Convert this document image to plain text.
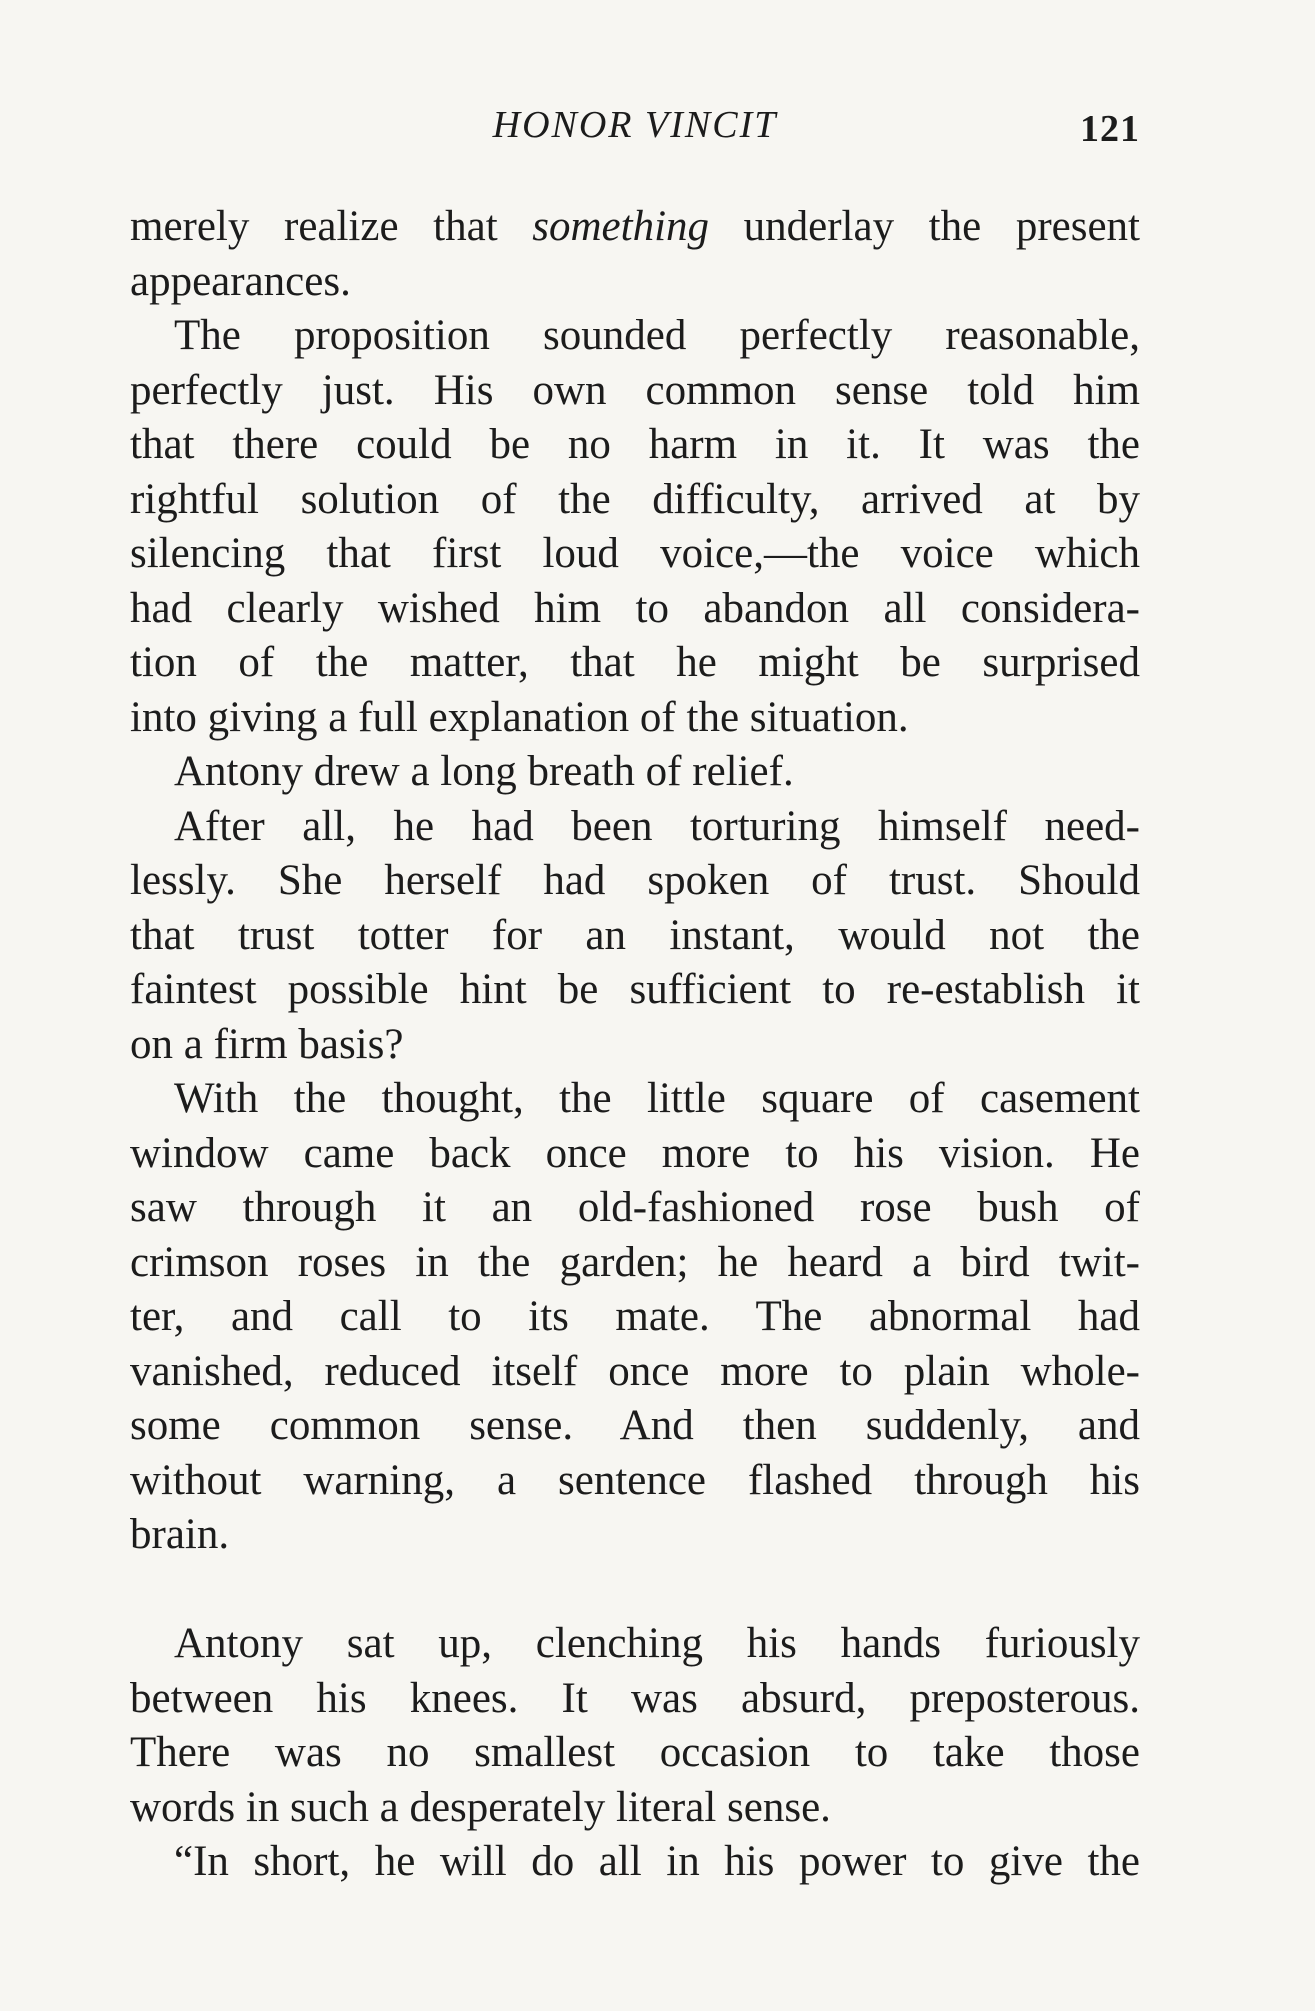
HONOR VINCIT	121
merely realize that something underlay the present
appearances.
The proposition sounded perfectly reasonable,
perfectly just. His own common sense told him
that there could be no harm in it. It was the
rightful solution of the difficulty, arrived at by
silencing that first loud voice,—the voice which
had clearly wished him to abandon all considera-
tion of the matter, that he might be surprised
into giving a full explanation of the situation.
Antony drew a long breath of relief.
After all, he had been torturing himself need-
lessly. She herself had spoken of trust. Should
that trust totter for an instant, would not the
faintest possible hint be sufficient to re-establish it
on a firm basis?
With the thought, the little square of casement
window came back once more to his vision. He
saw through it an old-fashioned rose bush of
crimson roses in the garden; he heard a bird twit-
ter, and call to its mate. The abnormal had
vanished, reduced itself once more to plain whole-
some common sense. And then suddenly, and
without warning, a sentence flashed through his
brain.
Antony sat up, clenching his hands furiously
between his knees. It was absurd, preposterous.
There was no smallest occasion to take those
words in such a desperately literal sense.
“In short, he will do all in his power to give the
